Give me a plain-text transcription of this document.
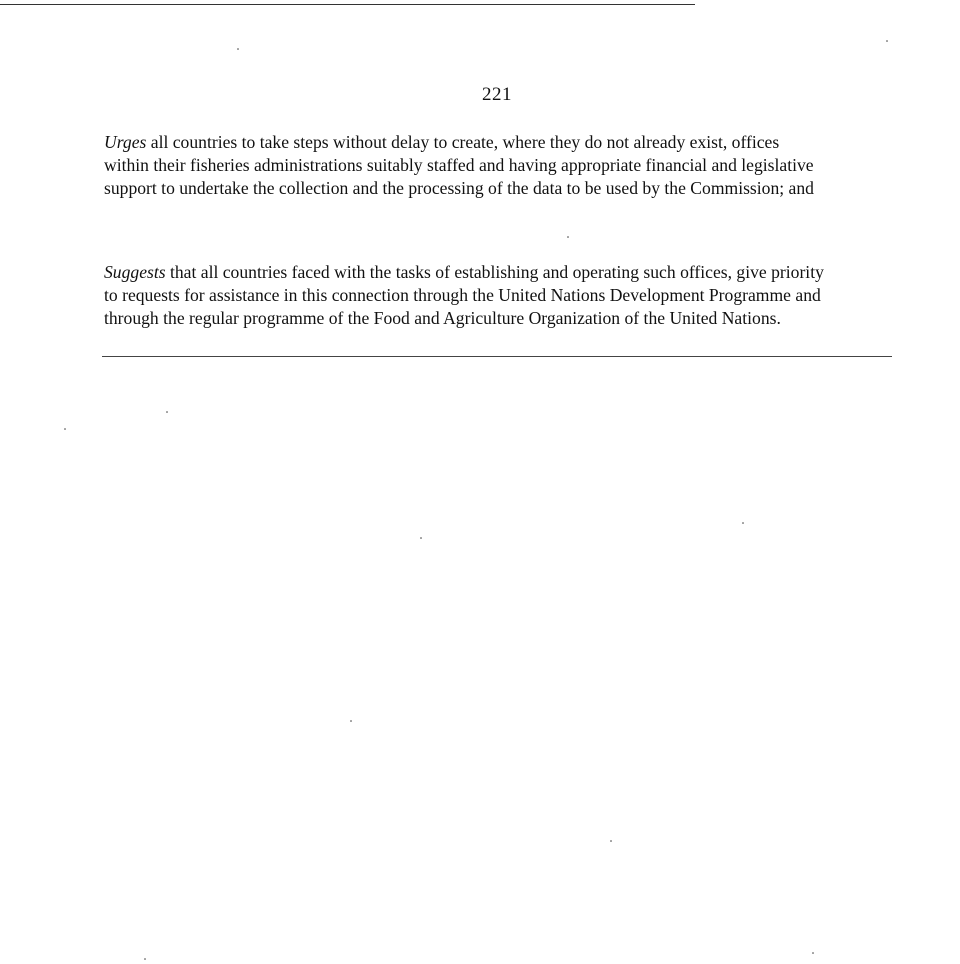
221

Urges all countries to take steps without delay to create, where they do not already exist, offices
within their fisheries administrations suitably staffed and having appropriate financial and legislative
support to undertake the collection and the processing of the data to be used by the Commission; and

Suggests that all countries faced with the tasks of establishing and operating such offices, give priority
to requests for assistance in this connection through the United Nations Development Programme and
through the regular programme of the Food and Agriculture Organization of the United Nations.
